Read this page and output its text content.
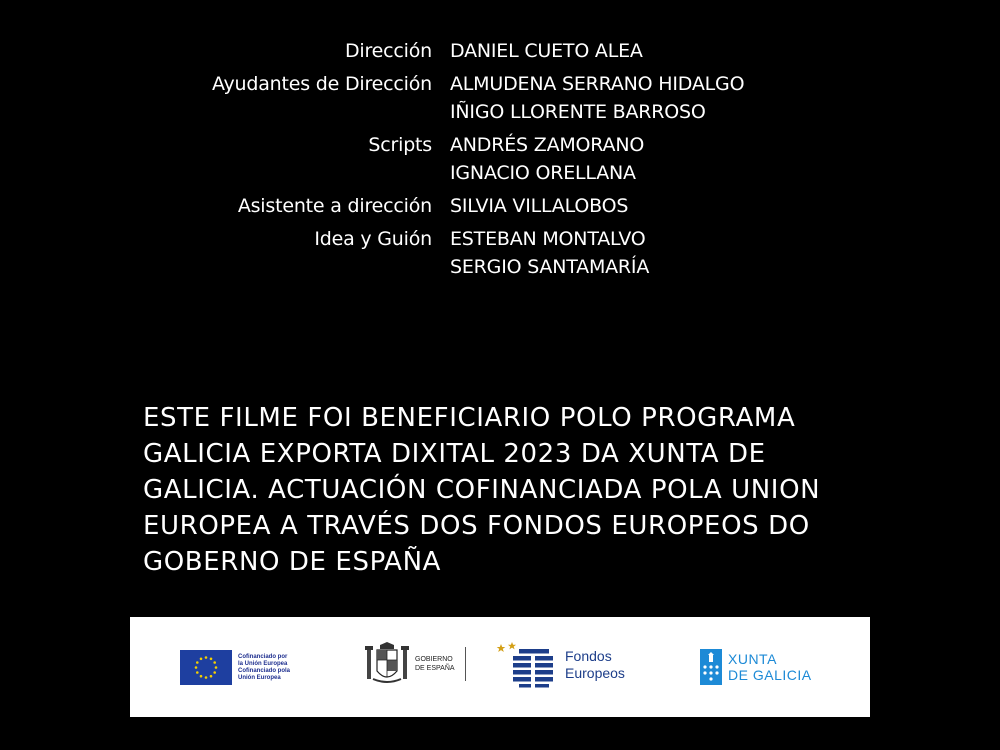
Dirección DANIEL CUETO ALEA
Ayudantes de Dirección ALMUDENA SERRANO HIDALGO
IÑIGO LLORENTE BARROSO
Scripts ANDRÉS ZAMORANO
IGNACIO ORELLANA
Asistente a dirección SILVIA VILLALOBOS
Idea y Guión ESTEBAN MONTALVO
SERGIO SANTAMARÍA
ESTE FILME FOI BENEFICIARIO POLO PROGRAMA
GALICIA EXPORTA DIXITAL 2023 DA XUNTA DE
GALICIA. ACTUACIÓN COFINANCIADA POLA UNION
EUROPEA A TRAVÉS DOS FONDOS EUROPEOS DO
GOBERNO DE ESPAÑA
Cofinanciado por
la Unión Europea
Cofinanciado pola
Unión Europea
GOBIERNO
DE ESPAÑA
Fondos
Europeos
XUNTA
DE GALICIA
